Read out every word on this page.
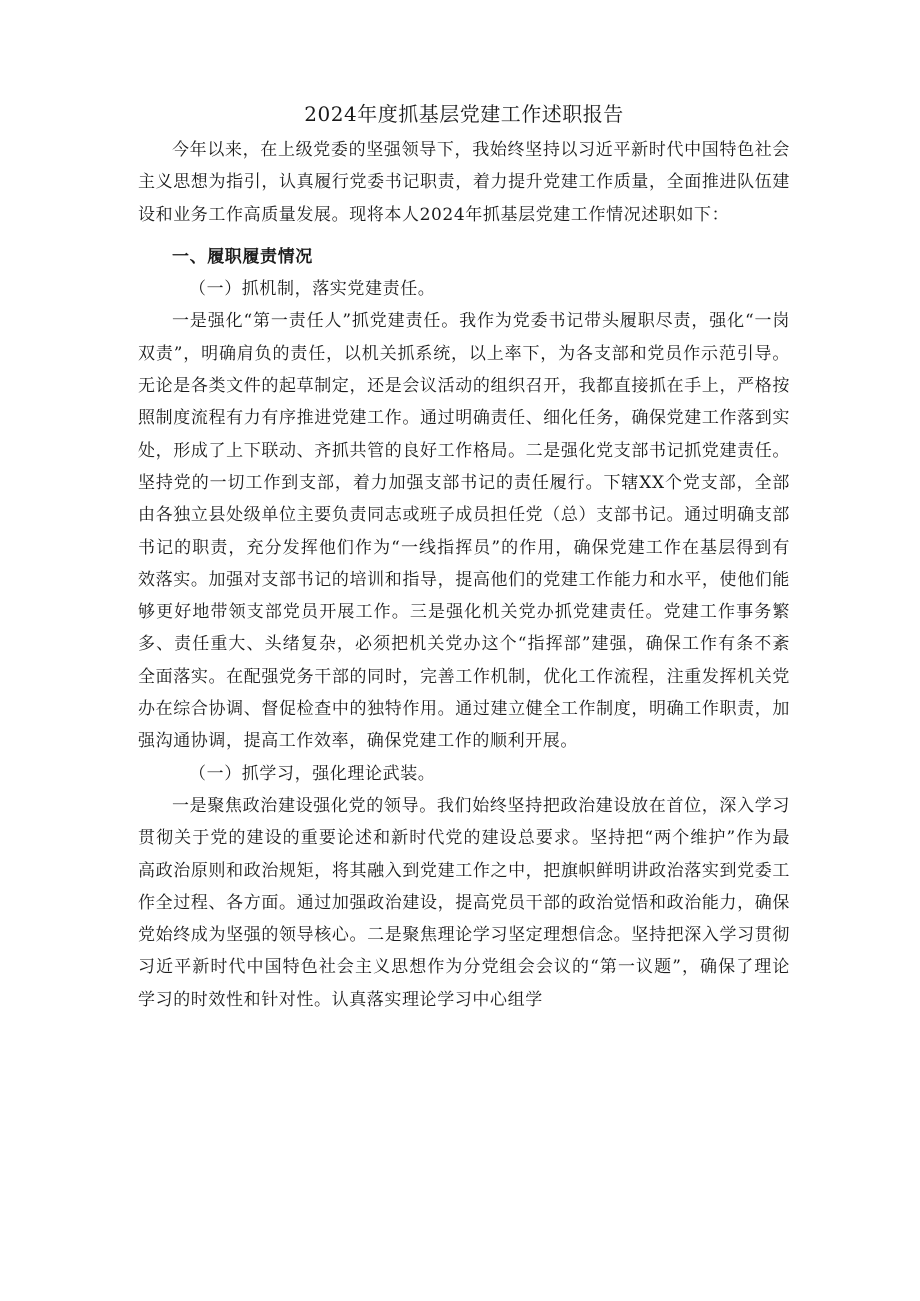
2024年度抓基层党建工作述职报告

今年以来，在上级党委的坚强领导下，我始终坚持以习近平新时代中国特色社会主义思想为指引，认真履行党委书记职责，着力提升党建工作质量，全面推进队伍建设和业务工作高质量发展。现将本人2024年抓基层党建工作情况述职如下：

一、履职履责情况

（一）抓机制，落实党建责任。

一是强化“第一责任人”抓党建责任。我作为党委书记带头履职尽责，强化“一岗双责”，明确肩负的责任，以机关抓系统，以上率下，为各支部和党员作示范引导。无论是各类文件的起草制定，还是会议活动的组织召开，我都直接抓在手上，严格按照制度流程有力有序推进党建工作。通过明确责任、细化任务，确保党建工作落到实处，形成了上下联动、齐抓共管的良好工作格局。二是强化党支部书记抓党建责任。坚持党的一切工作到支部，着力加强支部书记的责任履行。下辖XX个党支部，全部由各独立县处级单位主要负责同志或班子成员担任党（总）支部书记。通过明确支部书记的职责，充分发挥他们作为“一线指挥员”的作用，确保党建工作在基层得到有效落实。加强对支部书记的培训和指导，提高他们的党建工作能力和水平，使他们能够更好地带领支部党员开展工作。三是强化机关党办抓党建责任。党建工作事务繁多、责任重大、头绪复杂，必须把机关党办这个“指挥部”建强，确保工作有条不紊全面落实。在配强党务干部的同时，完善工作机制，优化工作流程，注重发挥机关党办在综合协调、督促检查中的独特作用。通过建立健全工作制度，明确工作职责，加强沟通协调，提高工作效率，确保党建工作的顺利开展。

（一）抓学习，强化理论武装。

一是聚焦政治建设强化党的领导。我们始终坚持把政治建设放在首位，深入学习贯彻关于党的建设的重要论述和新时代党的建设总要求。坚持把“两个维护”作为最高政治原则和政治规矩，将其融入到党建工作之中，把旗帜鲜明讲政治落实到党委工作全过程、各方面。通过加强政治建设，提高党员干部的政治觉悟和政治能力，确保党始终成为坚强的领导核心。二是聚焦理论学习坚定理想信念。坚持把深入学习贯彻习近平新时代中国特色社会主义思想作为分党组会会议的“第一议题”，确保了理论学习的时效性和针对性。认真落实理论学习中心组学
